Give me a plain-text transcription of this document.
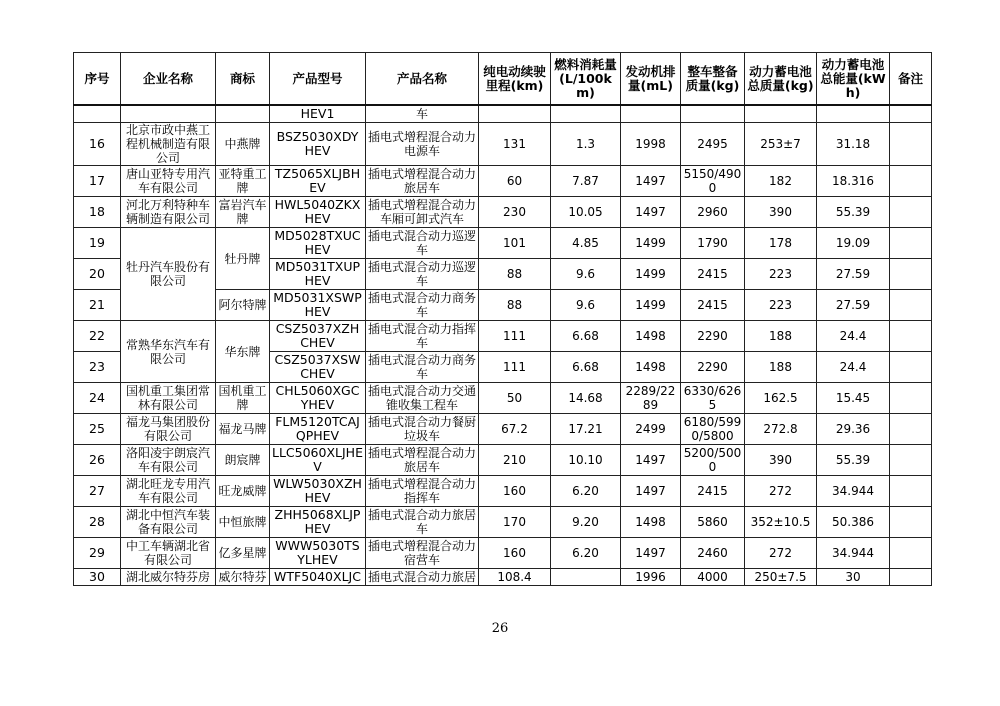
序号	企业名称	商标	产品型号	产品名称	纯电动续驶里程(km)	燃料消耗量(L/100km)	发动机排量(mL)	整车整备质量(kg)	动力蓄电池总质量(kg)	动力蓄电池总能量(kWh)	备注
			HEV1	车							
16	北京市政中燕工程机械制造有限公司	中燕牌	BSZ5030XDYHEV	插电式增程混合动力电源车	131	1.3	1998	2495	253±7	31.18	
17	唐山亚特专用汽车有限公司	亚特重工牌	TZ5065XLJBHEV	插电式增程混合动力旅居车	60	7.87	1497	5150/4900	182	18.316	
18	河北万利特种车辆制造有限公司	富岩汽车牌	HWL5040ZKXHEV	插电式增程混合动力车厢可卸式汽车	230	10.05	1497	2960	390	55.39	
19	牡丹汽车股份有限公司	牡丹牌	MD5028TXUCHEV	插电式混合动力巡逻车	101	4.85	1499	1790	178	19.09	
20			MD5031TXUPHEV	插电式混合动力巡逻车	88	9.6	1499	2415	223	27.59	
21		阿尔特牌	MD5031XSWPHEV	插电式混合动力商务车	88	9.6	1499	2415	223	27.59	
22	常熟华东汽车有限公司	华东牌	CSZ5037XZHCHEV	插电式混合动力指挥车	111	6.68	1498	2290	188	24.4	
23			CSZ5037XSWCHEV	插电式混合动力商务车	111	6.68	1498	2290	188	24.4	
24	国机重工集团常林有限公司	国机重工牌	CHL5060XGCYHEV	插电式混合动力交通锥收集工程车	50	14.68	2289/2289	6330/6265	162.5	15.45	
25	福龙马集团股份有限公司	福龙马牌	FLM5120TCAJQPHEV	插电式混合动力餐厨垃圾车	67.2	17.21	2499	6180/5990/5800	272.8	29.36	
26	洛阳凌宇朗宸汽车有限公司	朗宸牌	LLC5060XLJHEV	插电式增程混合动力旅居车	210	10.10	1497	5200/5000	390	55.39	
27	湖北旺龙专用汽车有限公司	旺龙威牌	WLW5030XZHHEV	插电式增程混合动力指挥车	160	6.20	1497	2415	272	34.944	
28	湖北中恒汽车装备有限公司	中恒旅牌	ZHH5068XLJPHEV	插电式混合动力旅居车	170	9.20	1498	5860	352±10.5	50.386	
29	中工车辆湖北省有限公司	亿多星牌	WWW5030TSYLHEV	插电式增程混合动力宿营车	160	6.20	1497	2460	272	34.944	
30	湖北威尔特芬房	威尔特芬	WTF5040XLJC	插电式混合动力旅居	108.4		1996	4000	250±7.5	30	
26
